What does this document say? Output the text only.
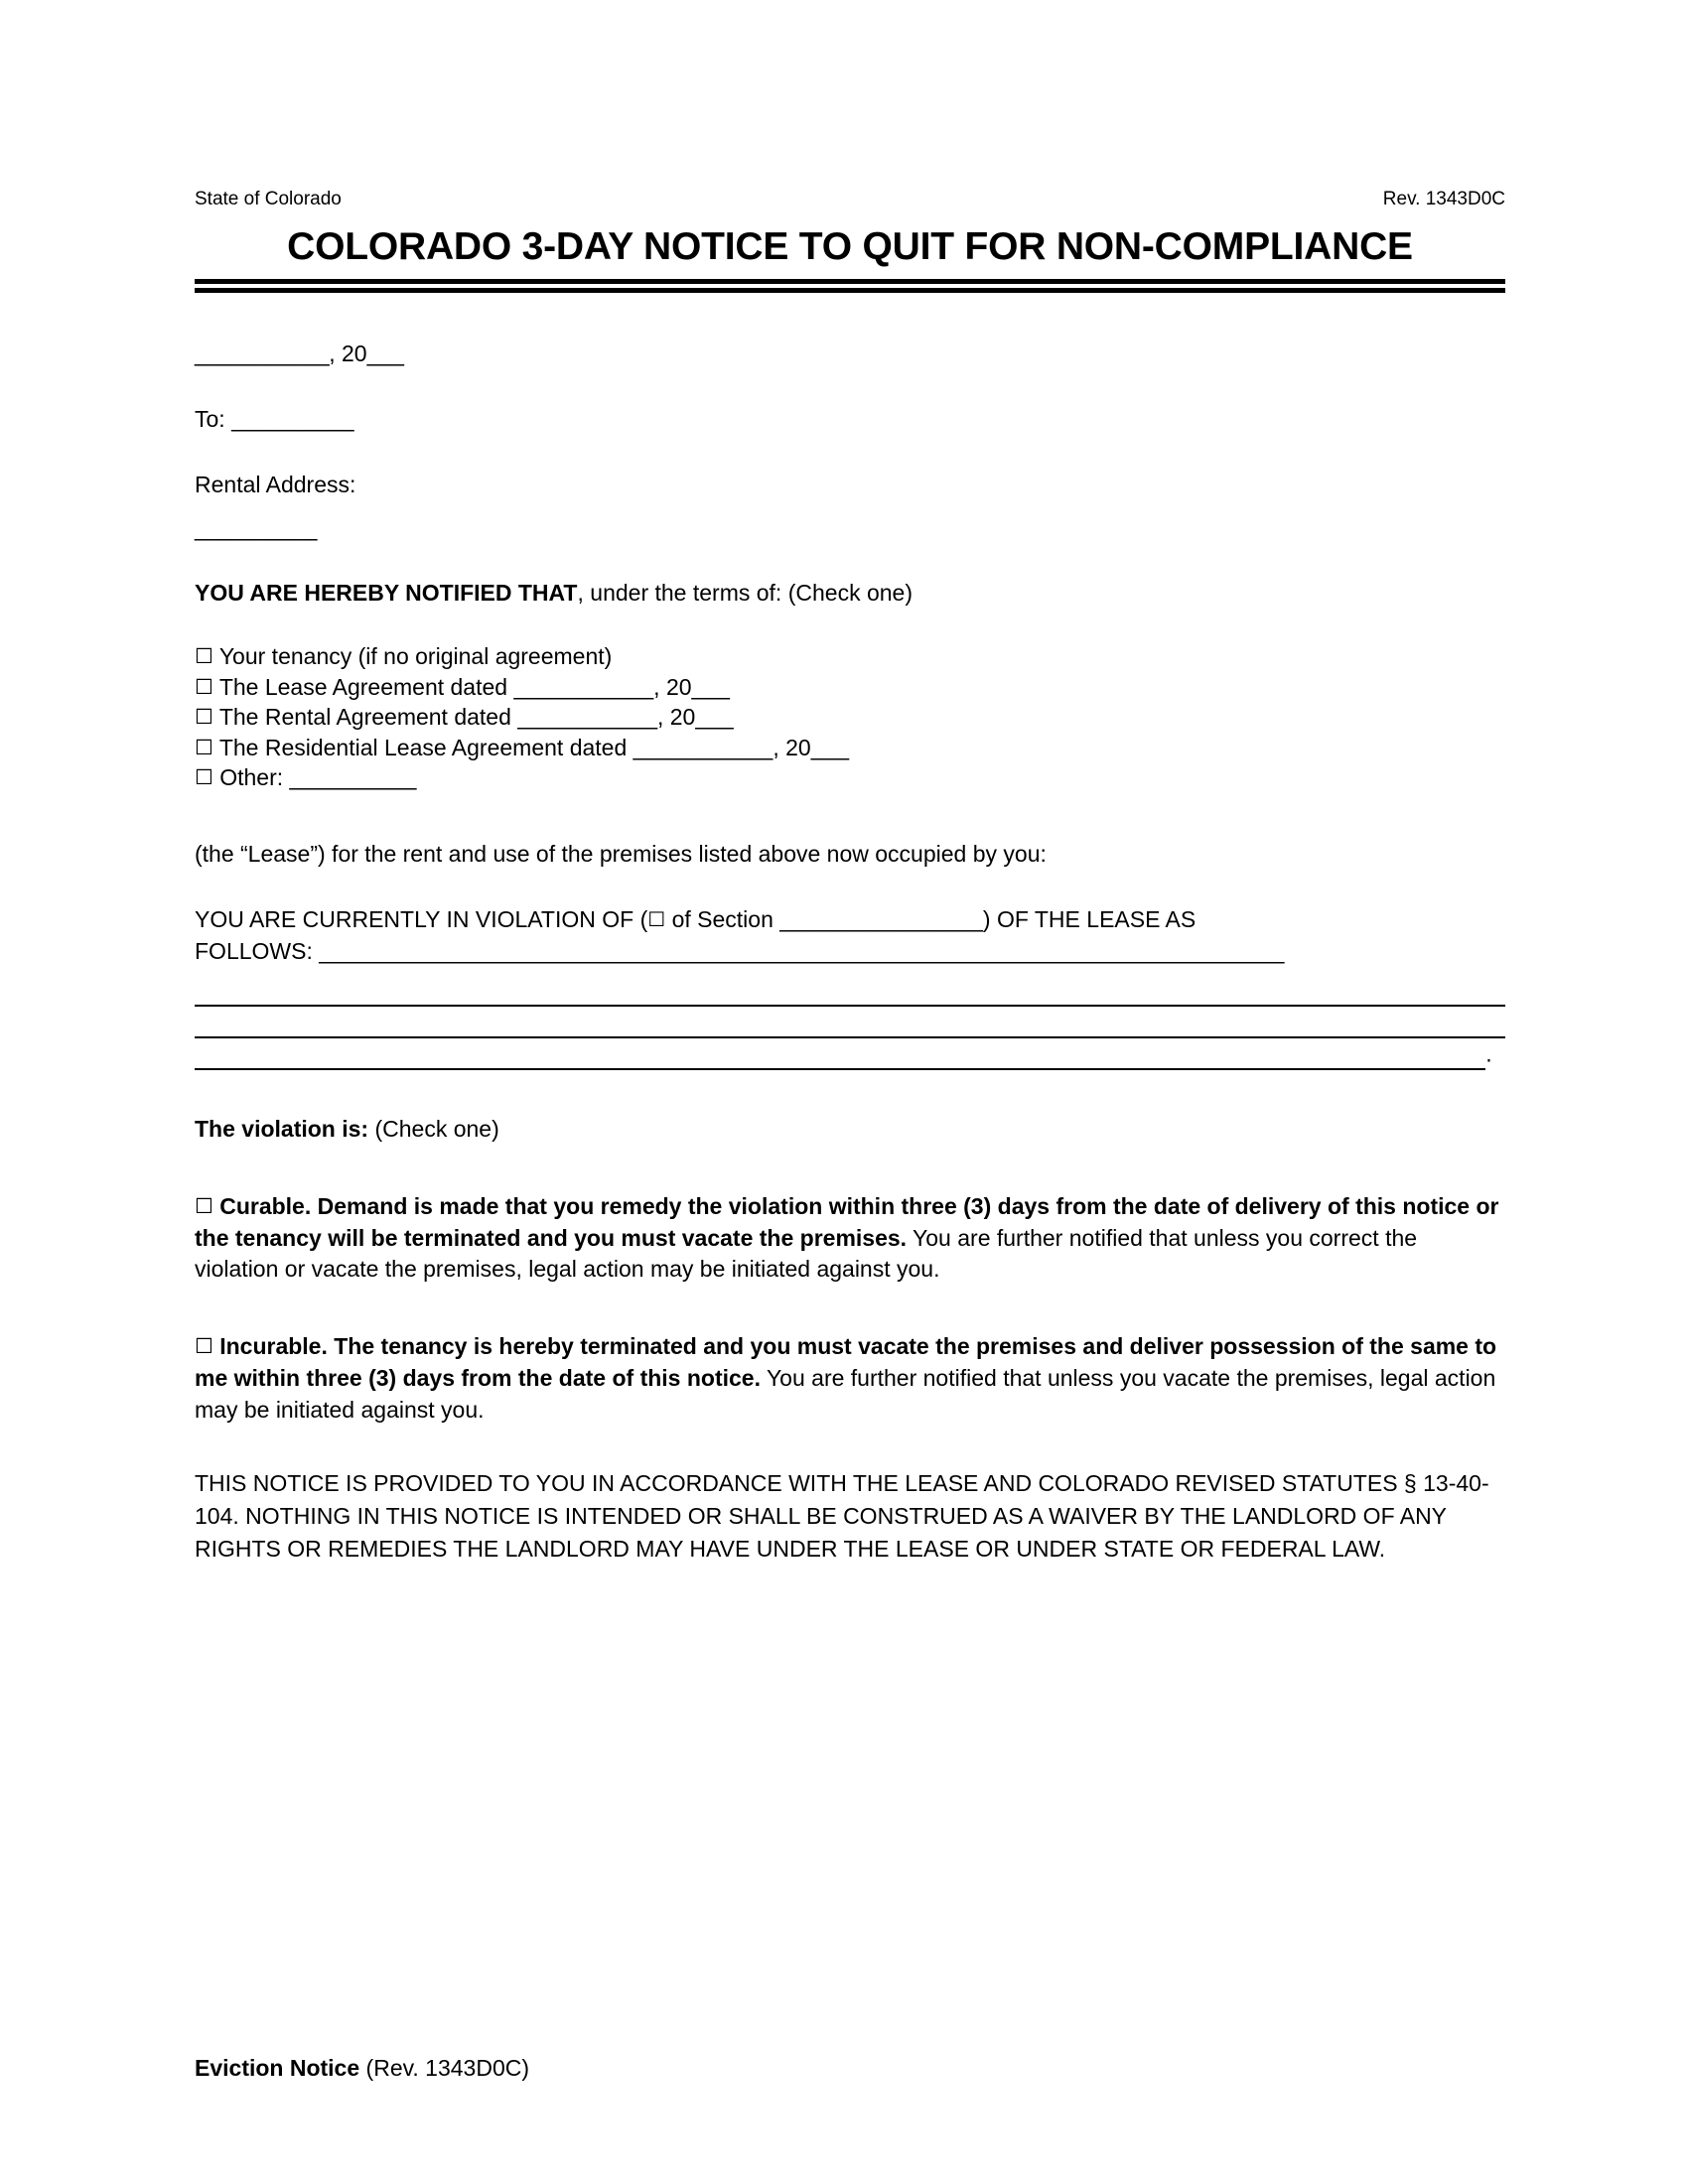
State of Colorado	Rev. 1343D0C
COLORADO 3-DAY NOTICE TO QUIT FOR NON-COMPLIANCE
___________, 20___
To: __________
Rental Address:
__________
YOU ARE HEREBY NOTIFIED THAT, under the terms of: (Check one)
☐ Your tenancy (if no original agreement)
☐ The Lease Agreement dated ___________, 20___
☐ The Rental Agreement dated ___________, 20___
☐ The Residential Lease Agreement dated ___________, 20___
☐ Other: __________
(the “Lease”) for the rent and use of the premises listed above now occupied by you:
YOU ARE CURRENTLY IN VIOLATION OF (☐ of Section ________________) OF THE LEASE AS
FOLLOWS: ____________________________________________________________________________
.
The violation is: (Check one)
☐ Curable. Demand is made that you remedy the violation within three (3) days from the date of delivery of this notice or the tenancy will be terminated and you must vacate the premises. You are further notified that unless you correct the violation or vacate the premises, legal action may be initiated against you.
☐ Incurable. The tenancy is hereby terminated and you must vacate the premises and deliver possession of the same to me within three (3) days from the date of this notice. You are further notified that unless you vacate the premises, legal action may be initiated against you.
THIS NOTICE IS PROVIDED TO YOU IN ACCORDANCE WITH THE LEASE AND COLORADO REVISED STATUTES § 13-40-104. NOTHING IN THIS NOTICE IS INTENDED OR SHALL BE CONSTRUED AS A WAIVER BY THE LANDLORD OF ANY RIGHTS OR REMEDIES THE LANDLORD MAY HAVE UNDER THE LEASE OR UNDER STATE OR FEDERAL LAW.
Eviction Notice (Rev. 1343D0C)
